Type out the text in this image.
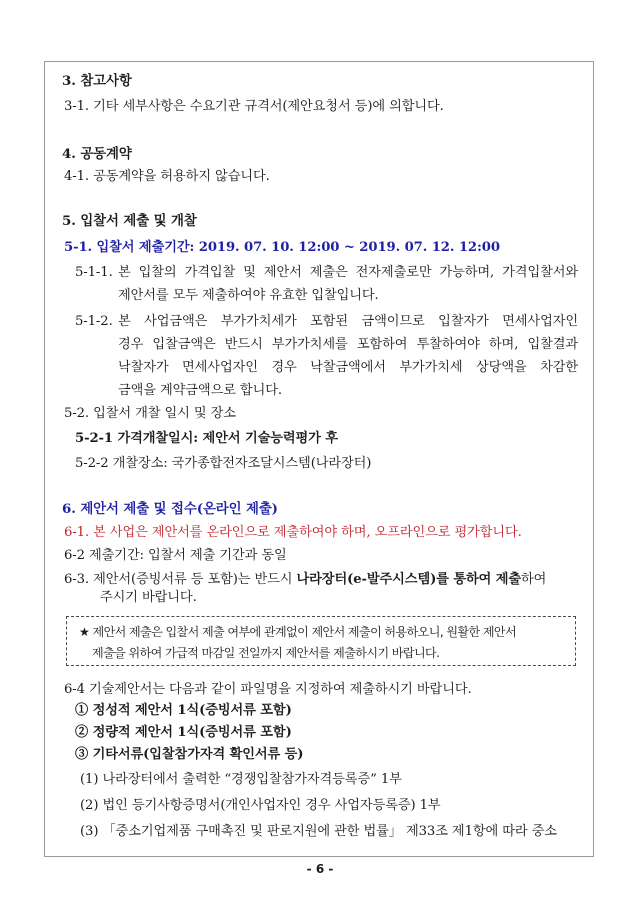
3. 참고사항
3-1. 기타 세부사항은 수요기관 규격서(제안요청서 등)에 의합니다.
4. 공동계약
4-1. 공동계약을 허용하지 않습니다.
5. 입찰서 제출 및 개찰
5-1. 입찰서 제출기간: 2019. 07. 10. 12:00 ~ 2019. 07. 12. 12:00
5-1-1. 본 입찰의 가격입찰 및 제안서 제출은 전자제출로만 가능하며, 가격입찰서와
제안서를 모두 제출하여야 유효한 입찰입니다.
5-1-2. 본 사업금액은 부가가치세가 포함된 금액이므로 입찰자가 면세사업자인
경우 입찰금액은 반드시 부가가치세를 포함하여 투찰하여야 하며, 입찰결과
낙찰자가 면세사업자인 경우 낙찰금액에서 부가가치세 상당액을 차감한
금액을 계약금액으로 합니다.
5-2. 입찰서 개찰 일시 및 장소
5-2-1 가격개찰일시: 제안서 기술능력평가 후
5-2-2 개찰장소: 국가종합전자조달시스템(나라장터)
6. 제안서 제출 및 접수(온라인 제출)
6-1. 본 사업은 제안서를 온라인으로 제출하여야 하며, 오프라인으로 평가합니다.
6-2 제출기간: 입찰서 제출 기간과 동일
6-3. 제안서(증빙서류 등 포함)는 반드시 나라장터(e-발주시스템)를 통하여 제출하여
주시기 바랍니다.
★ 제안서 제출은 입찰서 제출 여부에 관계없이 제안서 제출이 허용하오니, 원활한 제안서
제출을 위하여 가급적 마감일 전일까지 제안서를 제출하시기 바랍니다.
6-4 기술제안서는 다음과 같이 파일명을 지정하여 제출하시기 바랍니다.
① 정성적 제안서 1식(증빙서류 포함)
② 정량적 제안서 1식(증빙서류 포함)
③ 기타서류(입찰참가자격 확인서류 등)
(1) 나라장터에서 출력한 “경쟁입찰참가자격등록증” 1부
(2) 법인 등기사항증명서(개인사업자인 경우 사업자등록증) 1부
(3) 「중소기업제품 구매촉진 및 판로지원에 관한 법률」 제33조 제1항에 따라 중소
- 6 -
